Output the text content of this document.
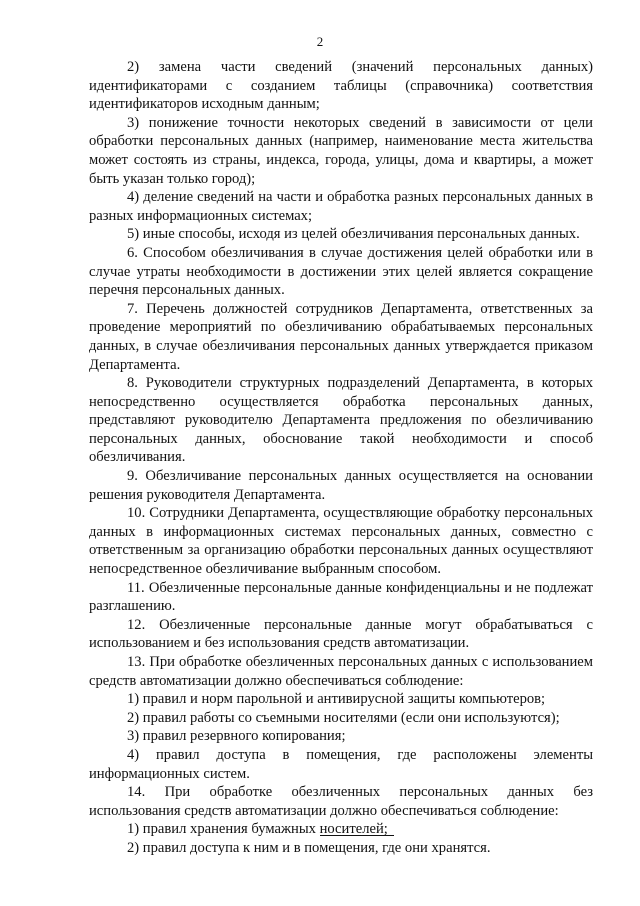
2

2) замена части сведений (значений персональных данных) идентификаторами с созданием таблицы (справочника) соответствия идентификаторов исходным данным;

3) понижение точности некоторых сведений в зависимости от цели обработки персональных данных (например, наименование места жительства может состоять из страны, индекса, города, улицы, дома и квартиры, а может быть указан только город);

4) деление сведений на части и обработка разных персональных данных в разных информационных системах;

5) иные способы, исходя из целей обезличивания персональных данных.

6. Способом обезличивания в случае достижения целей обработки или в случае утраты необходимости в достижении этих целей является сокращение перечня персональных данных.

7. Перечень должностей сотрудников Департамента, ответственных за проведение мероприятий по обезличиванию обрабатываемых персональных данных, в случае обезличивания персональных данных утверждается приказом Департамента.

8. Руководители структурных подразделений Департамента, в которых непосредственно осуществляется обработка персональных данных, представляют руководителю Департамента предложения по обезличиванию персональных данных, обоснование такой необходимости и способ обезличивания.

9. Обезличивание персональных данных осуществляется на основании решения руководителя Департамента.

10. Сотрудники Департамента, осуществляющие обработку персональных данных в информационных системах персональных данных, совместно с ответственным за организацию обработки персональных данных осуществляют непосредственное обезличивание выбранным способом.

11. Обезличенные персональные данные конфиденциальны и не подлежат разглашению.

12. Обезличенные персональные данные могут обрабатываться с использованием и без использования средств автоматизации.

13. При обработке обезличенных персональных данных с использованием средств автоматизации должно обеспечиваться соблюдение:

1) правил и норм парольной и антивирусной защиты компьютеров;

2) правил работы со съемными носителями (если они используются);

3) правил резервного копирования;

4) правил доступа в помещения, где расположены элементы информационных систем.

14. При обработке обезличенных персональных данных без использования средств автоматизации должно обеспечиваться соблюдение:

1) правил хранения бумажных носителей;

2) правил доступа к ним и в помещения, где они хранятся.
